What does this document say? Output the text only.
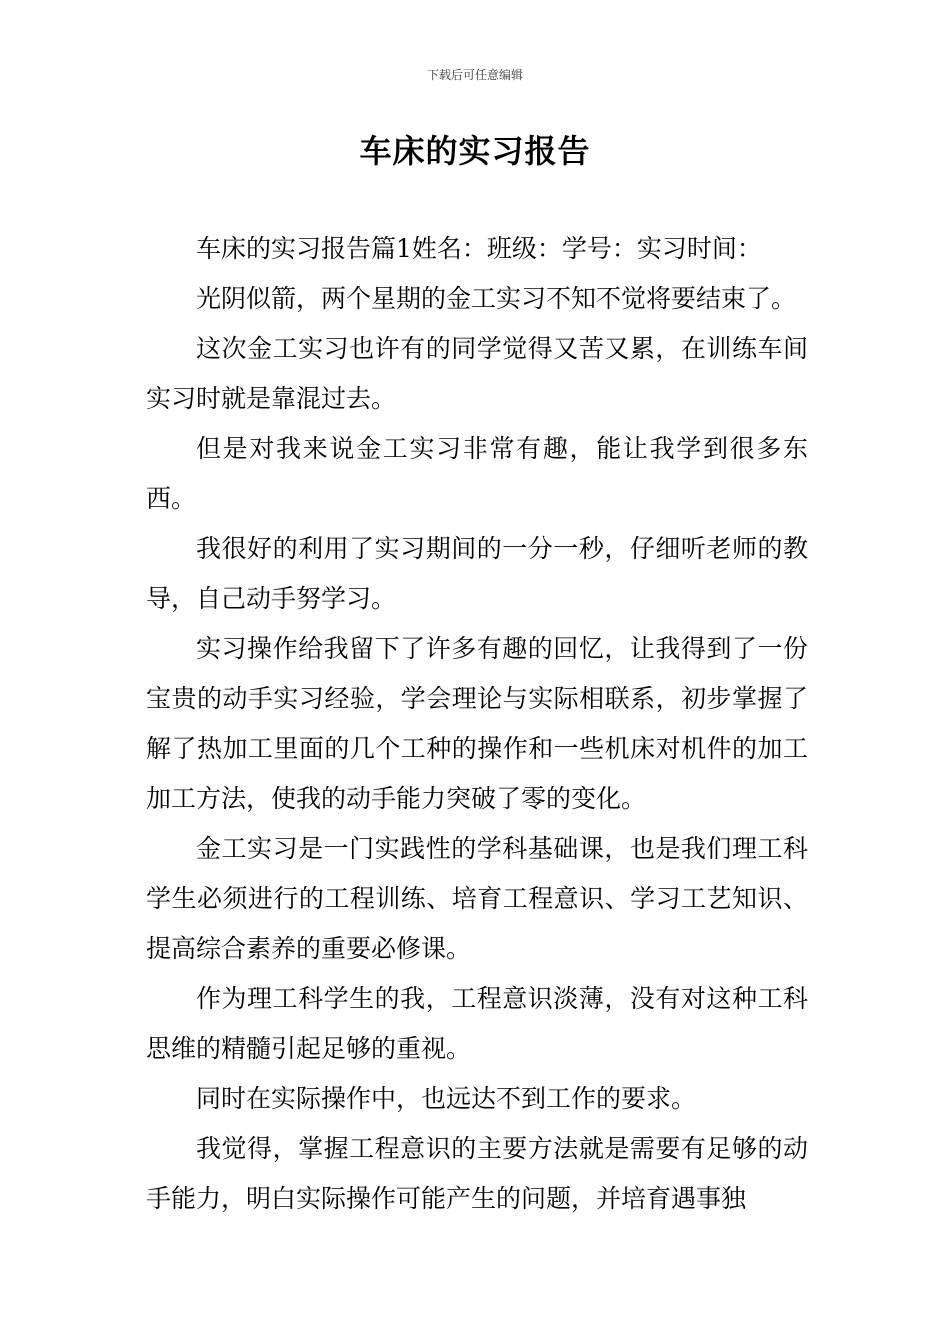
下载后可任意编辑
车床的实习报告

车床的实习报告篇1姓名：班级：学号：实习时间：

光阴似箭，两个星期的金工实习不知不觉将要结束了。

这次金工实习也许有的同学觉得又苦又累，在训练车间实习时就是靠混过去。

但是对我来说金工实习非常有趣，能让我学到很多东西。

我很好的利用了实习期间的一分一秒，仔细听老师的教导，自己动手努学习。

实习操作给我留下了许多有趣的回忆，让我得到了一份宝贵的动手实习经验，学会理论与实际相联系，初步掌握了解了热加工里面的几个工种的操作和一些机床对机件的加工加工方法，使我的动手能力突破了零的变化。

金工实习是一门实践性的学科基础课，也是我们理工科学生必须进行的工程训练、培育工程意识、学习工艺知识、提高综合素养的重要必修课。

作为理工科学生的我，工程意识淡薄，没有对这种工科思维的精髓引起足够的重视。

同时在实际操作中，也远达不到工作的要求。

我觉得，掌握工程意识的主要方法就是需要有足够的动手能力，明白实际操作可能产生的问题，并培育遇事独
